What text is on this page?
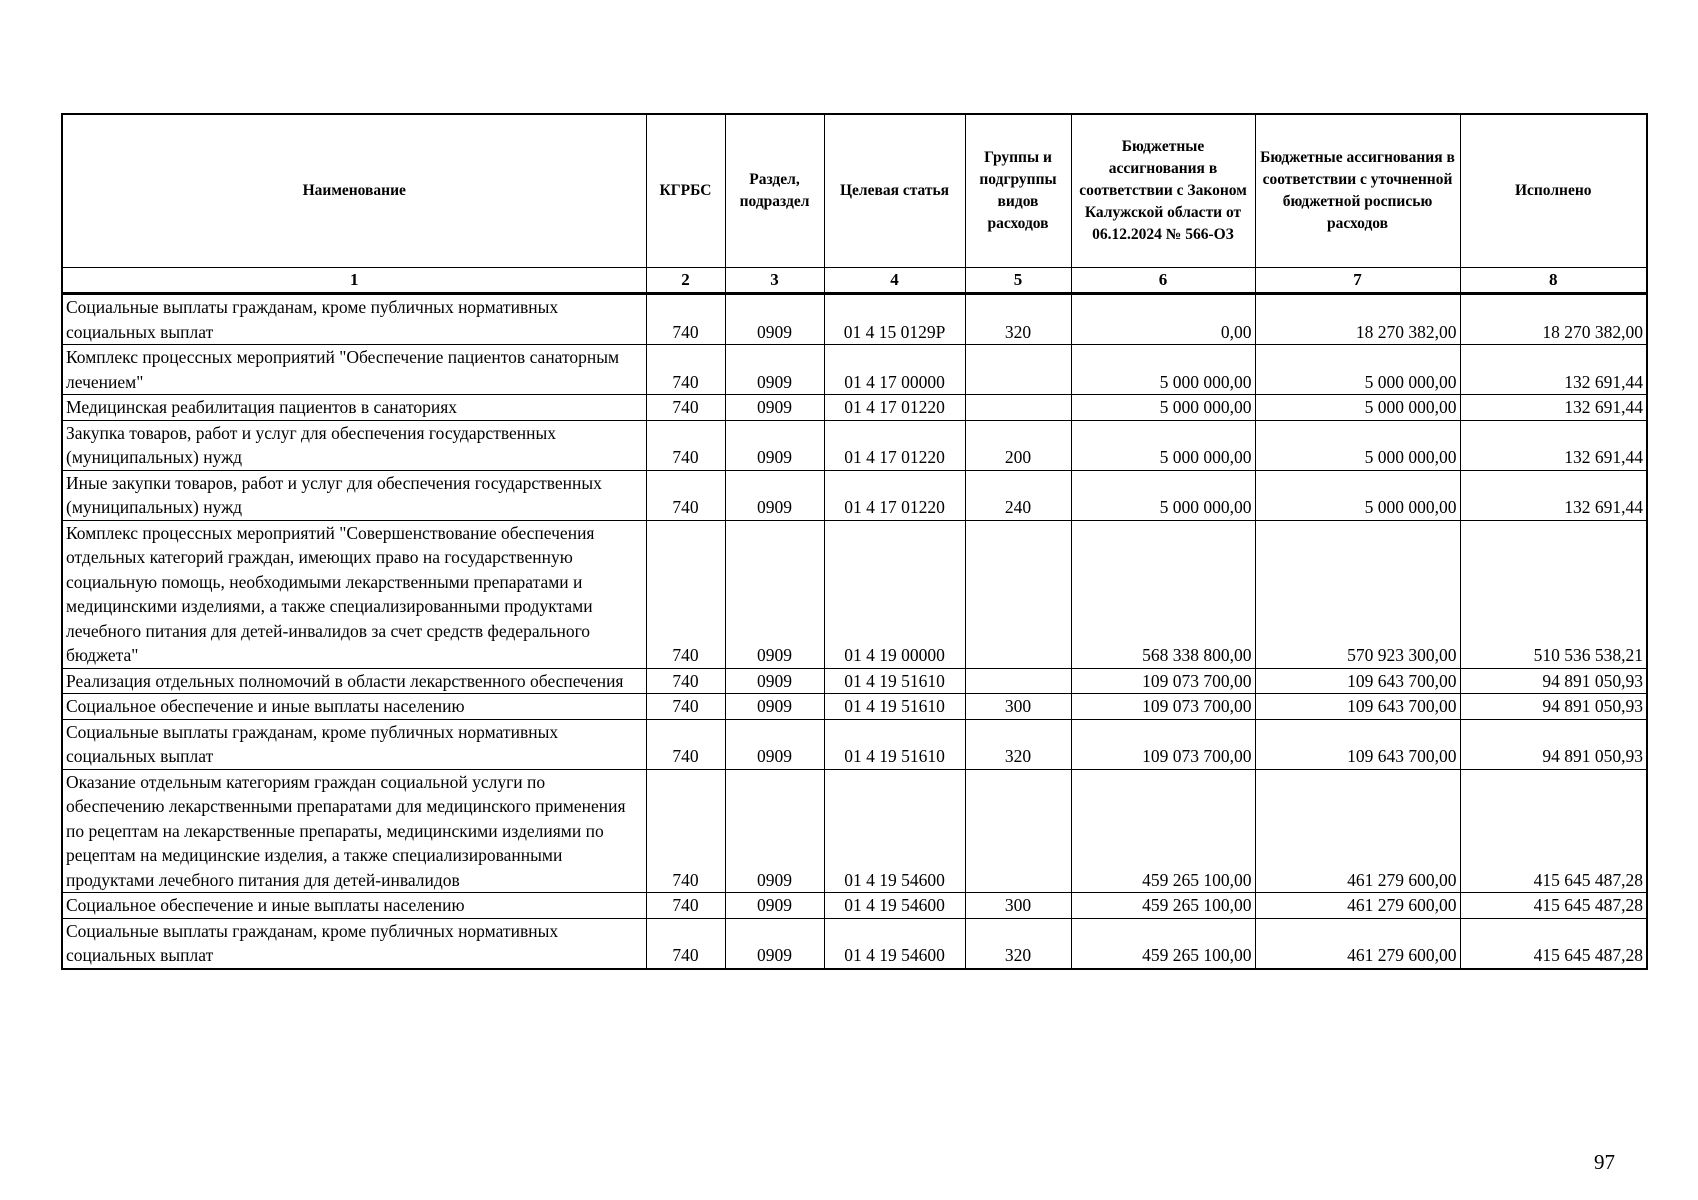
Наименование	КГРБС	Раздел, подраздел	Целевая статья	Группы и подгруппы видов расходов	Бюджетные ассигнования в соответствии с Законом Калужской области от 06.12.2024 № 566-ОЗ	Бюджетные ассигнования в соответствии с уточненной бюджетной росписью расходов	Исполнено
1	2	3	4	5	6	7	8
Социальные выплаты гражданам, кроме публичных нормативных социальных выплат	740	0909	01 4 15 0129Р	320	0,00	18 270 382,00	18 270 382,00
Комплекс процессных мероприятий "Обеспечение пациентов санаторным лечением"	740	0909	01 4 17 00000		5 000 000,00	5 000 000,00	132 691,44
Медицинская реабилитация пациентов в санаториях	740	0909	01 4 17 01220		5 000 000,00	5 000 000,00	132 691,44
Закупка товаров, работ и услуг для обеспечения государственных (муниципальных) нужд	740	0909	01 4 17 01220	200	5 000 000,00	5 000 000,00	132 691,44
Иные закупки товаров, работ и услуг для обеспечения государственных (муниципальных) нужд	740	0909	01 4 17 01220	240	5 000 000,00	5 000 000,00	132 691,44
Комплекс процессных мероприятий "Совершенствование обеспечения отдельных категорий граждан, имеющих право на государственную социальную помощь, необходимыми лекарственными препаратами и медицинскими изделиями, а также специализированными продуктами лечебного питания для детей-инвалидов за счет средств федерального бюджета"	740	0909	01 4 19 00000		568 338 800,00	570 923 300,00	510 536 538,21
Реализация отдельных полномочий в области лекарственного обеспечения	740	0909	01 4 19 51610		109 073 700,00	109 643 700,00	94 891 050,93
Социальное обеспечение и иные выплаты населению	740	0909	01 4 19 51610	300	109 073 700,00	109 643 700,00	94 891 050,93
Социальные выплаты гражданам, кроме публичных нормативных социальных выплат	740	0909	01 4 19 51610	320	109 073 700,00	109 643 700,00	94 891 050,93
Оказание отдельным категориям граждан социальной услуги по обеспечению лекарственными препаратами для медицинского применения по рецептам на лекарственные препараты, медицинскими изделиями по рецептам на медицинские изделия, а также специализированными продуктами лечебного питания для детей-инвалидов	740	0909	01 4 19 54600		459 265 100,00	461 279 600,00	415 645 487,28
Социальное обеспечение и иные выплаты населению	740	0909	01 4 19 54600	300	459 265 100,00	461 279 600,00	415 645 487,28
Социальные выплаты гражданам, кроме публичных нормативных социальных выплат	740	0909	01 4 19 54600	320	459 265 100,00	461 279 600,00	415 645 487,28
97
